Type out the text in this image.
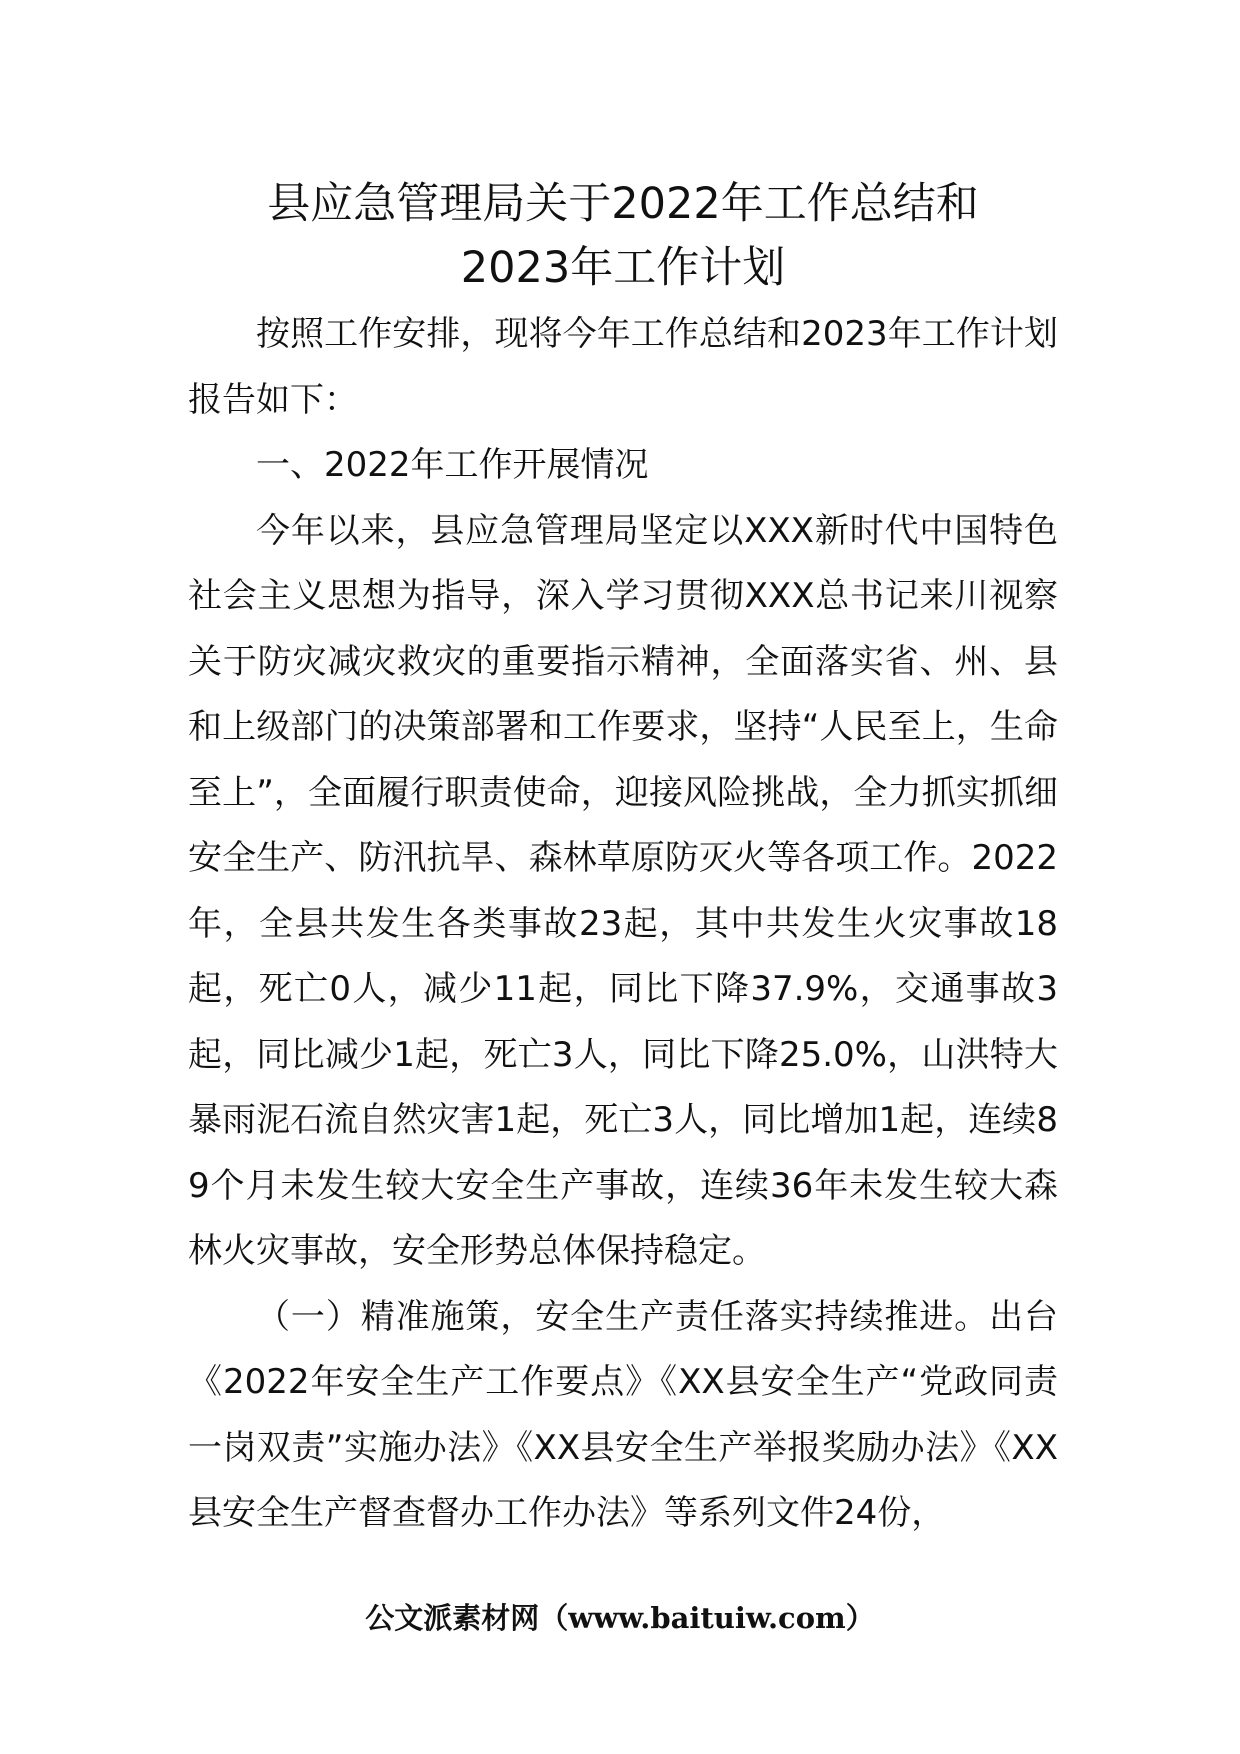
县应急管理局关于2022年工作总结和
2023年工作计划

按照工作安排，现将今年工作总结和2023年工作计划报告如下：

一、2022年工作开展情况

今年以来，县应急管理局坚定以XXX新时代中国特色社会主义思想为指导，深入学习贯彻XXX总书记来川视察关于防灾减灾救灾的重要指示精神，全面落实省、州、县和上级部门的决策部署和工作要求，坚持“人民至上，生命至上”，全面履行职责使命，迎接风险挑战，全力抓实抓细安全生产、防汛抗旱、森林草原防灭火等各项工作。2022年，全县共发生各类事故23起，其中共发生火灾事故18起，死亡0人，减少11起，同比下降37.9%，交通事故3起，同比减少1起，死亡3人，同比下降25.0%，山洪特大暴雨泥石流自然灾害1起，死亡3人，同比增加1起，连续89个月未发生较大安全生产事故，连续36年未发生较大森林火灾事故，安全形势总体保持稳定。

（一）精准施策，安全生产责任落实持续推进。出台《2022年安全生产工作要点》《XX县安全生产“党政同责一岗双责”实施办法》《XX县安全生产举报奖励办法》《XX县安全生产督查督办工作办法》等系列文件24份，

公文派素材网（www.baituiw.com）
